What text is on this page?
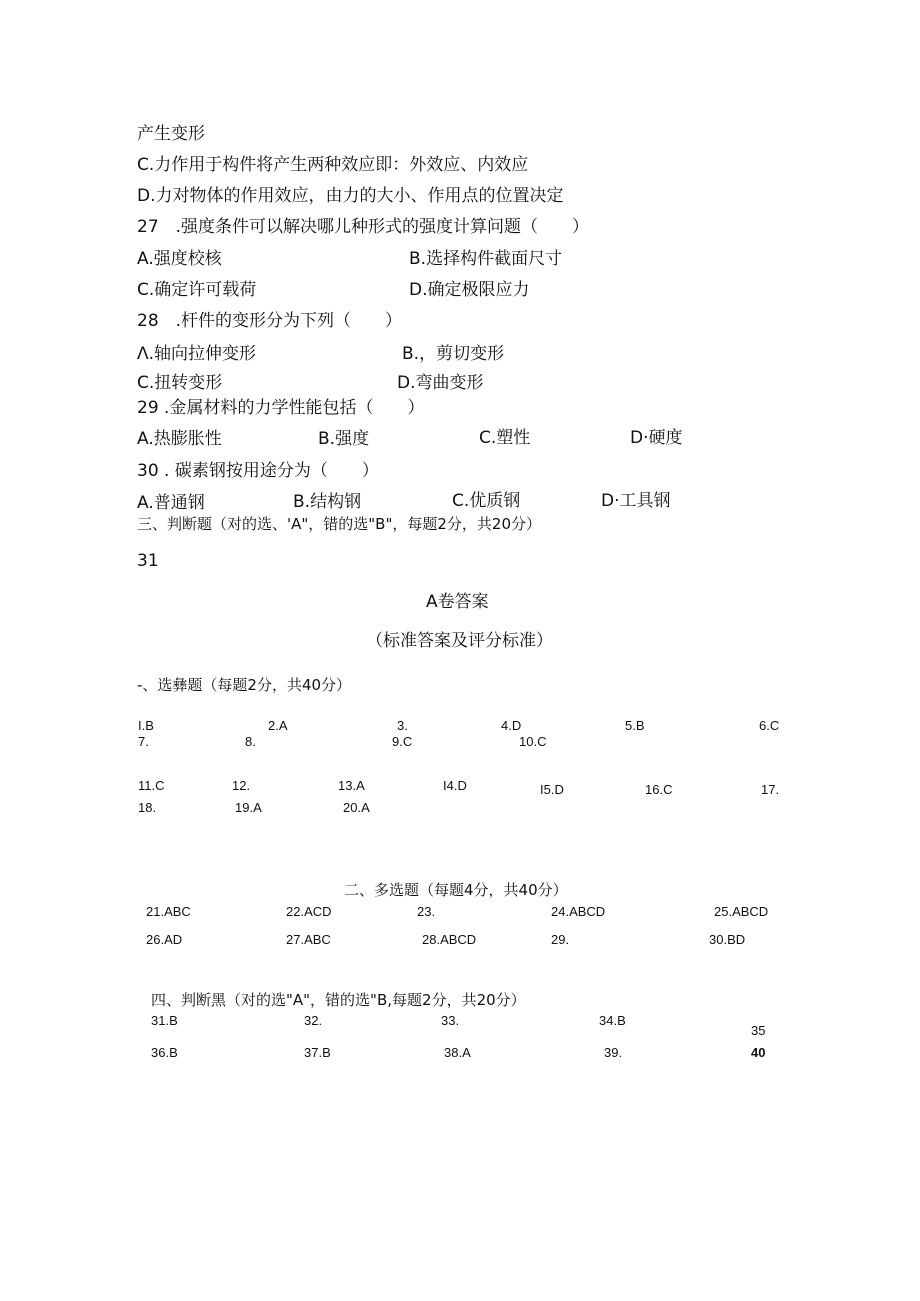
产生变形
C.力作用于构件将产生两种效应即：外效应、内效应
D.力对物体的作用效应，由力的大小、作用点的位置决定
27　.强度条件可以解决哪儿种形式的强度计算问题（　　）
A.强度校核	B.选择构件截面尺寸
C.确定许可载荷	D.确定极限应力
28　.杆件的变形分为下列（　　）
Λ.轴向拉伸变形	B.，剪切变形
C.扭转变形	D.弯曲变形
29 .金属材料的力学性能包括（　　）
A.热膨胀性	B.强度	C.塑性	D·硬度
30 . 碳素钢按用途分为（　　）
A.普通钢	B.结构钢	C.优质钢	D·工具钢
三、判断题（对的选、'A"，错的选"B"，每题2分，共20分）
31
A卷答案
（标准答案及评分标准）
-、选彝题（每题2分，共40分）
I.B	2.A	3.	4.D	5.B	6.C
7.	8.	9.C	10.C
11.C	12.	13.A	I4.D	I5.D	16.C	17.
18.	19.A	20.A
二、多选题（每题4分，共40分）
21.ABC	22.ACD	23.	24.ABCD	25.ABCD
26.AD	27.ABC	28.ABCD	29.	30.BD
四、判断黑（对的选"A"，错的选"B,每题2分，共20分）
31.B	32.	33.	34.B
35
36.B	37.B	38.A	39.	40
